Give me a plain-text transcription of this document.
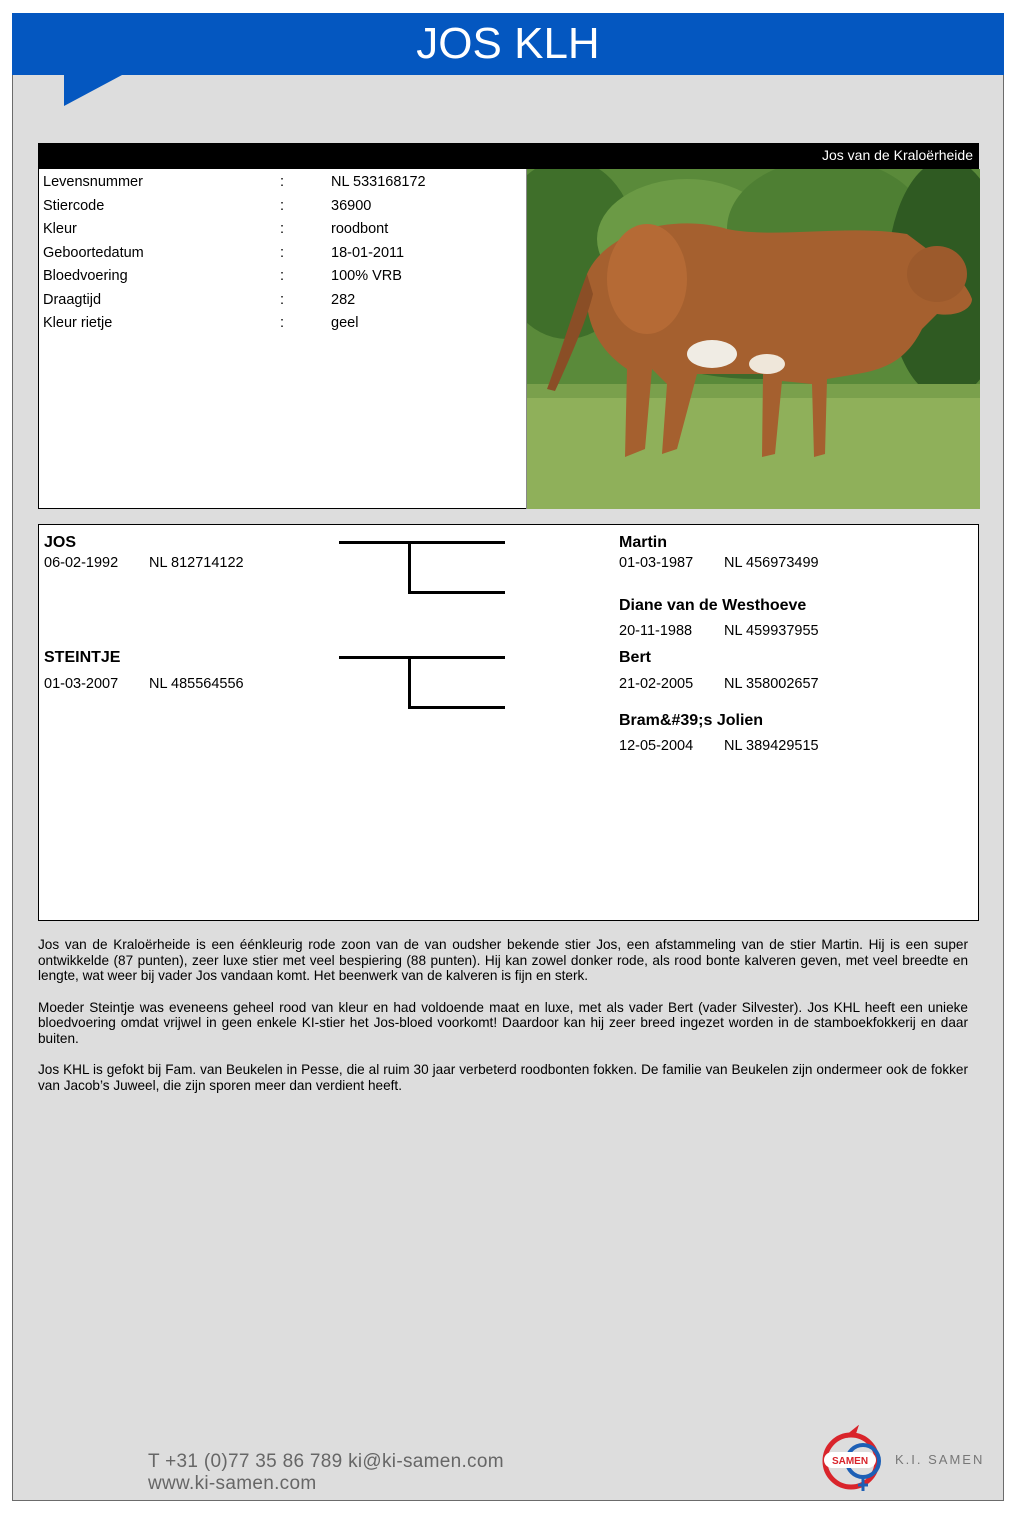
JOS KLH
Jos van de Kraloërheide
Levensnummer	:	NL 533168172
Stiercode	:	36900
Kleur	:	roodbont
Geboortedatum	:	18-01-2011
Bloedvoering	:	100% VRB
Draagtijd	:	282
Kleur rietje	:	geel
JOS
06-02-1992 NL 812714122
STEINTJE
01-03-2007 NL 485564556
Martin
01-03-1987 NL 456973499
Diane van de Westhoeve
20-11-1988 NL 459937955
Bert
21-02-2005 NL 358002657
Bram&#39;s Jolien
12-05-2004 NL 389429515

Jos van de Kraloërheide is een éénkleurig rode zoon van de van oudsher bekende stier Jos, een afstammeling van de stier Martin. Hij is een super ontwikkelde (87 punten), zeer luxe stier met veel bespiering (88 punten). Hij kan zowel donker rode, als rood bonte kalveren geven, met veel breedte en lengte, wat weer bij vader Jos vandaan komt. Het beenwerk van de kalveren is fijn en sterk.

Moeder Steintje was eveneens geheel rood van kleur en had voldoende maat en luxe, met als vader Bert (vader Silvester). Jos KHL heeft een unieke bloedvoering omdat vrijwel in geen enkele KI-stier het Jos-bloed voorkomt! Daardoor kan hij zeer breed ingezet worden in de stamboekfokkerij en daar buiten.

Jos KHL is gefokt bij Fam. van Beukelen in Pesse, die al ruim 30 jaar verbeterd roodbonten fokken. De familie van Beukelen zijn ondermeer ook de fokker van Jacob’s Juweel, die zijn sporen meer dan verdient heeft.

T +31 (0)77 35 86 789 ki@ki-samen.com
www.ki-samen.com
SAMEN K.I. SAMEN
